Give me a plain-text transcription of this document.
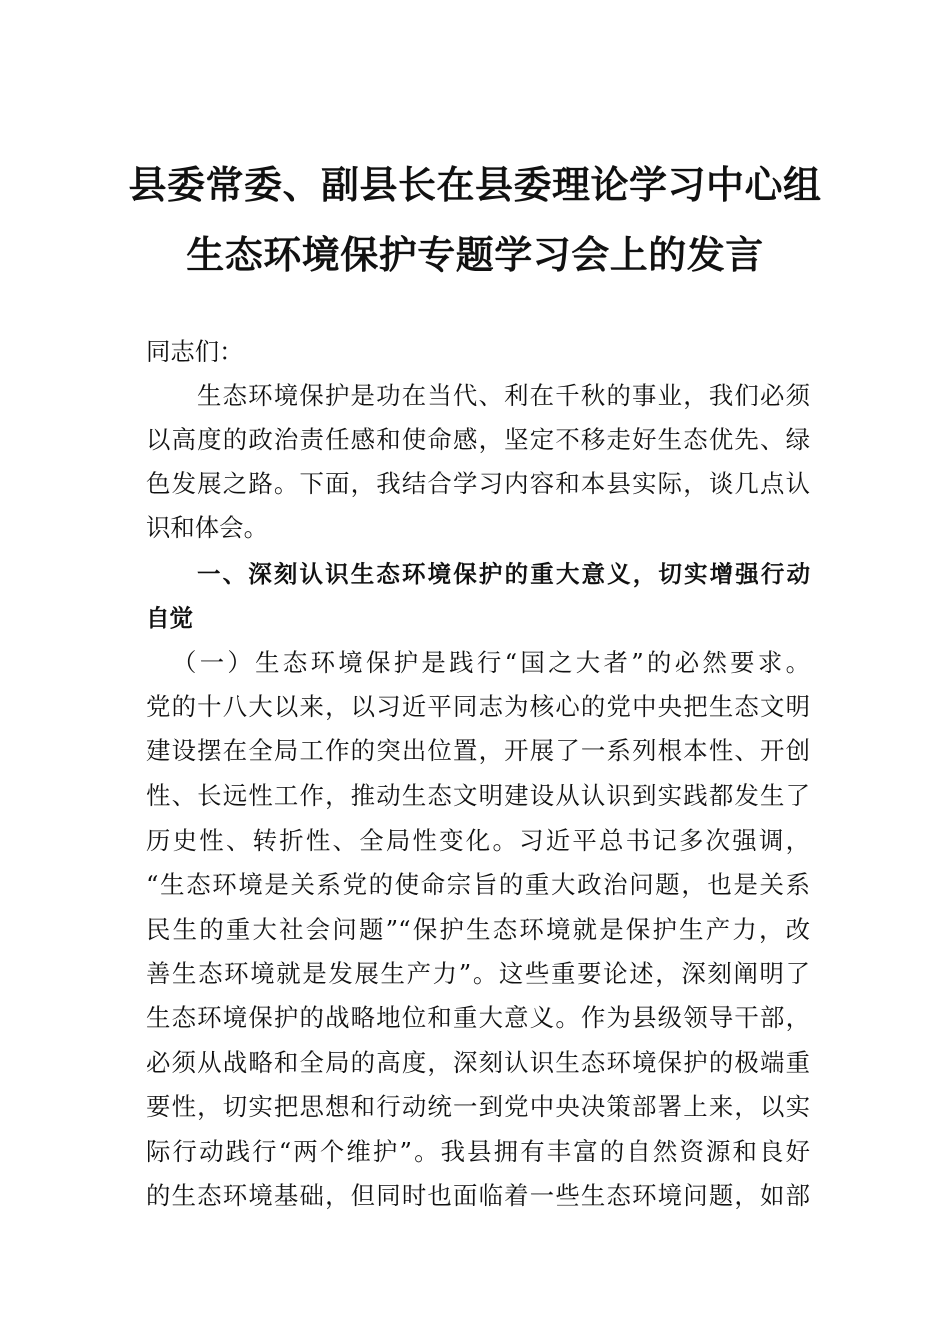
县委常委、副县长在县委理论学习中心组
生态环境保护专题学习会上的发言
同志们：
生态环境保护是功在当代、利在千秋的事业，我们必须
以高度的政治责任感和使命感，坚定不移走好生态优先、绿
色发展之路。下面，我结合学习内容和本县实际，谈几点认
识和体会。
一、深刻认识生态环境保护的重大意义，切实增强行动
自觉
（一）生态环境保护是践行“国之大者”的必然要求。
党的十八大以来，以习近平同志为核心的党中央把生态文明
建设摆在全局工作的突出位置，开展了一系列根本性、开创
性、长远性工作，推动生态文明建设从认识到实践都发生了
历史性、转折性、全局性变化。习近平总书记多次强调，
“生态环境是关系党的使命宗旨的重大政治问题，也是关系
民生的重大社会问题”“保护生态环境就是保护生产力，改
善生态环境就是发展生产力”。这些重要论述，深刻阐明了
生态环境保护的战略地位和重大意义。作为县级领导干部，
必须从战略和全局的高度，深刻认识生态环境保护的极端重
要性，切实把思想和行动统一到党中央决策部署上来，以实
际行动践行“两个维护”。我县拥有丰富的自然资源和良好
的生态环境基础，但同时也面临着一些生态环境问题，如部
